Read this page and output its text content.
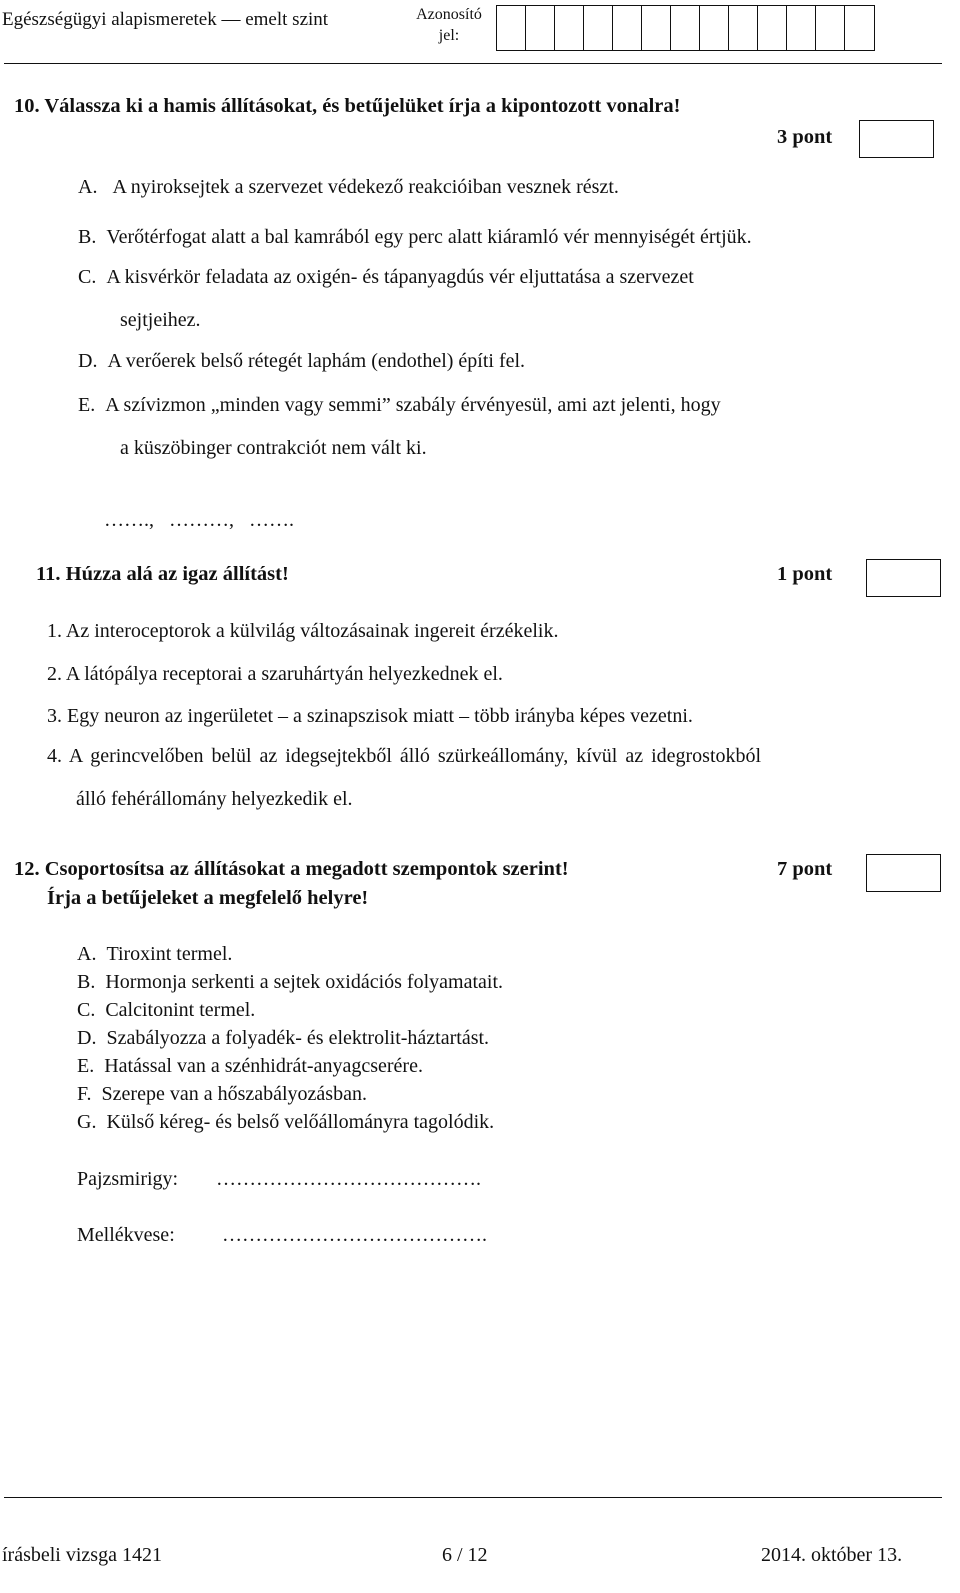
Egészségügyi alapismeretek — emelt szint	Azonosító
jel:
10. Válassza ki a hamis állításokat, és betűjelüket írja a kipontozott vonalra!
3 pont
A. A nyiroksejtek a szervezet védekező reakcióiban vesznek részt.
B. Verőtérfogat alatt a bal kamrából egy perc alatt kiáramló vér mennyiségét értjük.
C. A kisvérkör feladata az oxigén- és tápanyagdús vér eljuttatása a szervezet
sejtjeihez.
D. A verőerek belső rétegét laphám (endothel) építi fel.
E. A szívizmon „minden vagy semmi” szabály érvényesül, ami azt jelenti, hogy
a küszöbinger contrakciót nem vált ki.
…….,   ………,   …….
11. Húzza alá az igaz állítást!	1 pont
1. Az interoceptorok a külvilág változásainak ingereit érzékelik.
2. A látópálya receptorai a szaruhártyán helyezkednek el.
3. Egy neuron az ingerületet – a szinapszisok miatt – több irányba képes vezetni.
4. A gerincvelőben belül az idegsejtekből álló szürkeállomány, kívül az idegrostokból
álló fehérállomány helyezkedik el.
12. Csoportosítsa az állításokat a megadott szempontok szerint!
Írja a betűjeleket a megfelelő helyre!
7 pont
A. Tiroxint termel.
B. Hormonja serkenti a sejtek oxidációs folyamatait.
C. Calcitonint termel.
D. Szabályozza a folyadék- és elektrolit-háztartást.
E. Hatással van a szénhidrát-anyagcserére.
F. Szerepe van a hőszabályozásban.
G. Külső kéreg- és belső velőállományra tagolódik.
Pajzsmirigy: ………………………………….
Mellékvese: ………………………………….
írásbeli vizsga 1421	6 / 12	2014. október 13.
